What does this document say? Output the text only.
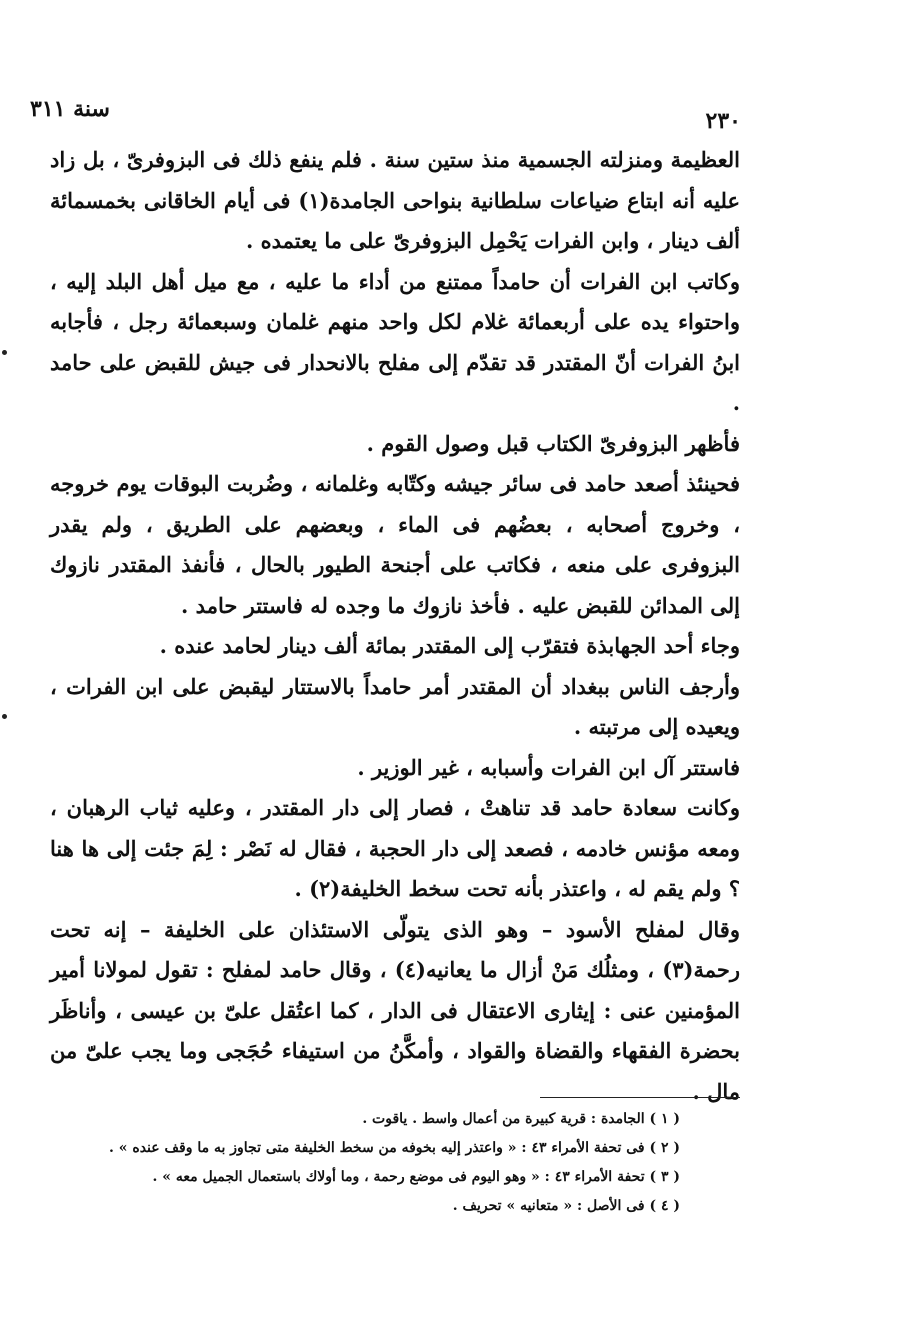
سنة ٣١١	٢٣٠

العظيمة ومنزلته الجسمية منذ ستين سنة . فلم ينفع ذلك فى البزوفرىّ ، بل زاد عليه أنه ابتاع ضياعات سلطانية بنواحى الجامدة(١) فى أيام الخاقانى بخمسمائة ألف دينار ، وابن الفرات يَحْمِل البزوفرىّ على ما يعتمده .

وكاتب ابن الفرات أن حامداً ممتنع من أداء ما عليه ، مع ميل أهل البلد إليه ، واحتواء يده على أربعمائة غلام لكل واحد منهم غلمان وسبعمائة رجل ، فأجابه ابنُ الفرات أنّ المقتدر قد تقدّم إلى مفلح بالانحدار فى جيش للقبض على حامد .

فأظهر البزوفرىّ الكتاب قبل وصول القوم .

فحينئذ أصعد حامد فى سائر جيشه وكتّابه وغلمانه ، وضُربت البوقات يوم خروجه ، وخروج أصحابه ، بعضُهم فى الماء ، وبعضهم على الطريق ، ولم يقدر البزوفرى على منعه ، فكاتب على أجنحة الطيور بالحال ، فأنفذ المقتدر نازوك إلى المدائن للقبض عليه . فأخذ نازوك ما وجده له فاستتر حامد .

وجاء أحد الجهابذة فتقرّب إلى المقتدر بمائة ألف دينار لحامد عنده .

وأرجف الناس ببغداد أن المقتدر أمر حامداً بالاستتار ليقبض على ابن الفرات ، ويعيده إلى مرتبته .

فاستتر آل ابن الفرات وأسبابه ، غير الوزير .

وكانت سعادة حامد قد تناهتْ ، فصار إلى دار المقتدر ، وعليه ثياب الرهبان ، ومعه مؤنس خادمه ، فصعد إلى دار الحجبة ، فقال له نَصْر : لِمَ جئت إلى ها هنا ؟ ولم يقم له ، واعتذر بأنه تحت سخط الخليفة(٢) .

وقال لمفلح الأسود – وهو الذى يتولّى الاستئذان على الخليفة – إنه تحت رحمة(٣) ، ومثلُك مَنْ أزال ما يعانيه(٤) ، وقال حامد لمفلح : تقول لمولانا أمير المؤمنين عنى : إيثارى الاعتقال فى الدار ، كما اعتُقل علىّ بن عيسى ، وأناظَر بحضرة الفقهاء والقضاة والقواد ، وأمكَّنُ من استيفاء حُجَجى وما يجب علىّ من مال .

( ١ ) الجامدة : قرية كبيرة من أعمال واسط . ياقوت .

( ٢ ) فى تحفة الأمراء ٤٣ : « واعتذر إليه بخوفه من سخط الخليفة متى تجاوز به ما وقف عنده » .

( ٣ ) تحفة الأمراء ٤٣ : « وهو اليوم فى موضع رحمة ، وما أولاك باستعمال الجميل معه » .

( ٤ ) فى الأصل : « متعانيه » تحريف .
